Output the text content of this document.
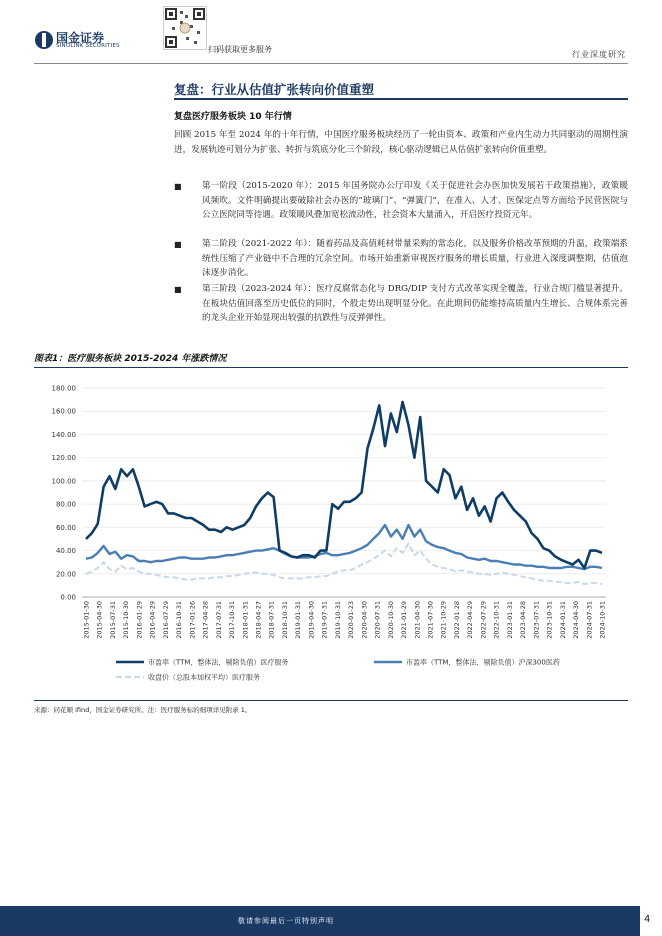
国金证券
SINOLINK SECURITIES	扫码获取更多服务
行业深度研究
复盘：行业从估值扩张转向价值重塑
复盘医疗服务板块 10 年行情
回顾 2015 年至 2024 年的十年行情，中国医疗服务板块经历了一轮由资本、政策和产业内生动力共同驱动的周期性演进，发展轨迹可划分为扩张、转折与筑底分化三个阶段，核心驱动逻辑已从估值扩张转向价值重塑。
■ 第一阶段（2015-2020 年）：2015 年国务院办公厅印发《关于促进社会办医加快发展若干政策措施》，政策暖风频吹。文件明确提出要破除社会办医的“玻璃门”、“弹簧门”，在准入、人才、医保定点等方面给予民营医院与公立医院同等待遇。政策暖风叠加宽松流动性，社会资本大量涌入，开启医疗投资元年。
■ 第二阶段（2021-2022 年）：随着药品及高值耗材带量采购的常态化，以及服务价格改革预期的升温，政策端系统性压缩了产业链中不合理的冗余空间。市场开始重新审视医疗服务的增长质量，行业进入深度调整期，估值泡沫逐步消化。
■ 第三阶段（2023-2024 年）：医疗反腐常态化与 DRG/DIP 支付方式改革实现全覆盖，行业合规门槛显著提升。在板块估值回落至历史低位的同时，个股走势出现明显分化。在此期间仍能维持高质量内生增长、合规体系完善的龙头企业开始显现出较强的抗跌性与反弹弹性。
图表1：医疗服务板块 2015-2024 年涨跌情况
180.00
160.00
140.00
120.00
100.00
80.00
60.00
40.00
20.00
0.00
2015-01-30 2015-04-30 2015-07-31 2015-10-30 2016-01-29 2016-04-29 2016-07-29 2016-10-31 2017-01-26 2017-04-28 2017-07-31 2017-10-31 2018-01-31 2018-04-27 2018-07-31 2018-10-31 2019-01-31 2019-04-30 2019-07-31 2019-10-31 2020-01-23 2020-04-30 2020-07-31 2020-10-30 2021-01-29 2021-04-30 2021-07-30 2021-10-29 2022-01-28 2022-04-29 2022-07-29 2022-10-31 2023-01-31 2023-04-28 2023-07-31 2023-10-31 2024-01-31 2024-04-30 2024-07-31 2024-10-31
市盈率（TTM，整体法，剔除负值）医疗服务	市盈率（TTM，整体法，剔除负值）沪深300医药
收盘价（总股本加权平均）医疗服务
来源：同花顺 ifind，国金证券研究所。注：医疗服务标的细项详见附录 1。
敬请参阅最后一页特别声明	4
